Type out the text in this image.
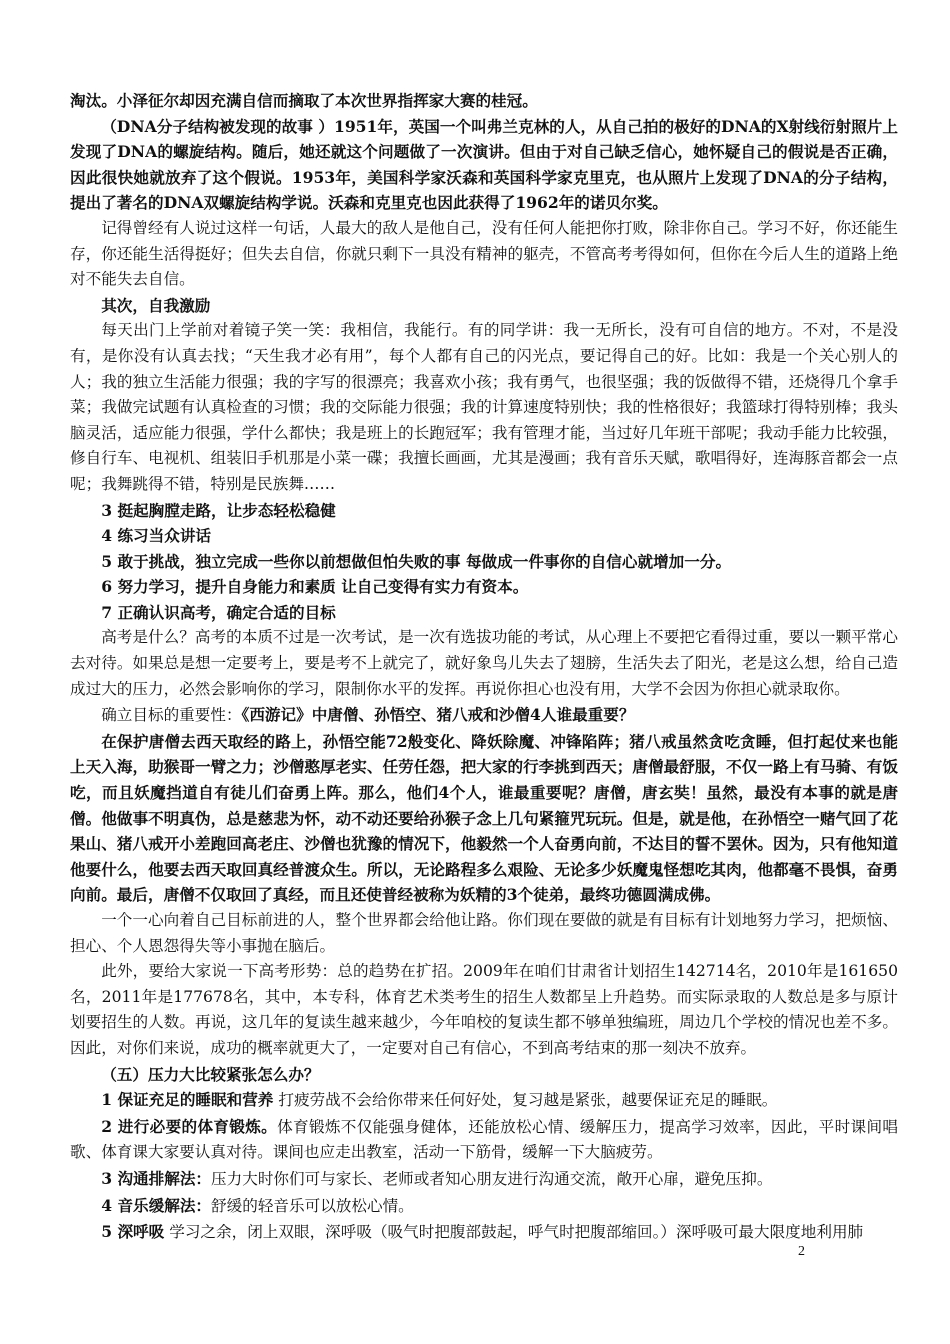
淘汰。小泽征尔却因充满自信而摘取了本次世界指挥家大赛的桂冠。

（DNA分子结构被发现的故事 ）1951年，英国一个叫弗兰克林的人，从自己拍的极好的DNA的X射线衍射照片上发现了DNA的螺旋结构。随后，她还就这个问题做了一次演讲。但由于对自己缺乏信心，她怀疑自己的假说是否正确，因此很快她就放弃了这个假说。1953年，美国科学家沃森和英国科学家克里克，也从照片上发现了DNA的分子结构，提出了著名的DNA双螺旋结构学说。沃森和克里克也因此获得了1962年的诺贝尔奖。

记得曾经有人说过这样一句话，人最大的敌人是他自己，没有任何人能把你打败，除非你自己。学习不好，你还能生存，你还能生活得挺好；但失去自信，你就只剩下一具没有精神的躯壳，不管高考考得如何，但你在今后人生的道路上绝对不能失去自信。

其次，自我激励

每天出门上学前对着镜子笑一笑：我相信，我能行。有的同学讲：我一无所长，没有可自信的地方。不对，不是没有，是你没有认真去找；“天生我才必有用”，每个人都有自己的闪光点，要记得自己的好。比如：我是一个关心别人的人；我的独立生活能力很强；我的字写的很漂亮；我喜欢小孩；我有勇气，也很坚强；我的饭做得不错，还烧得几个拿手菜；我做完试题有认真检查的习惯；我的交际能力很强；我的计算速度特别快；我的性格很好；我篮球打得特别棒；我头脑灵活，适应能力很强，学什么都快；我是班上的长跑冠军；我有管理才能，当过好几年班干部呢；我动手能力比较强，修自行车、电视机、组装旧手机那是小菜一碟；我擅长画画，尤其是漫画；我有音乐天赋，歌唱得好，连海豚音都会一点呢；我舞跳得不错，特别是民族舞……

3 挺起胸膛走路，让步态轻松稳健

4 练习当众讲话

5 敢于挑战，独立完成一些你以前想做但怕失败的事 每做成一件事你的自信心就增加一分。

6 努力学习，提升自身能力和素质 让自己变得有实力有资本。

7 正确认识高考，确定合适的目标

高考是什么？高考的本质不过是一次考试，是一次有选拔功能的考试，从心理上不要把它看得过重，要以一颗平常心去对待。如果总是想一定要考上，要是考不上就完了，就好象鸟儿失去了翅膀，生活失去了阳光，老是这么想，给自己造成过大的压力，必然会影响你的学习，限制你水平的发挥。再说你担心也没有用，大学不会因为你担心就录取你。

确立目标的重要性：《西游记》中唐僧、孙悟空、猪八戒和沙僧4人谁最重要？

在保护唐僧去西天取经的路上，孙悟空能72般变化、降妖除魔、冲锋陷阵；猪八戒虽然贪吃贪睡，但打起仗来也能上天入海，助猴哥一臂之力；沙僧憨厚老实、任劳任怨，把大家的行李挑到西天；唐僧最舒服，不仅一路上有马骑、有饭吃，而且妖魔挡道自有徒儿们奋勇上阵。那么，他们4个人，谁最重要呢？唐僧，唐玄奘！虽然，最没有本事的就是唐僧。他做事不明真伪，总是慈悲为怀，动不动还要给孙猴子念上几句紧箍咒玩玩。但是，就是他，在孙悟空一赌气回了花果山、猪八戒开小差跑回高老庄、沙僧也犹豫的情况下，他毅然一个人奋勇向前，不达目的誓不罢休。因为，只有他知道他要什么，他要去西天取回真经普渡众生。所以，无论路程多么艰险、无论多少妖魔鬼怪想吃其肉，他都毫不畏惧，奋勇向前。最后，唐僧不仅取回了真经，而且还使普经被称为妖精的3个徒弟，最终功德圆满成佛。

一个一心向着自己目标前进的人，整个世界都会给他让路。你们现在要做的就是有目标有计划地努力学习，把烦恼、担心、个人恩怨得失等小事抛在脑后。

此外，要给大家说一下高考形势：总的趋势在扩招。2009年在咱们甘肃省计划招生142714名，2010年是161650名，2011年是177678名，其中，本专科，体育艺术类考生的招生人数都呈上升趋势。而实际录取的人数总是多与原计划要招生的人数。再说，这几年的复读生越来越少，今年咱校的复读生都不够单独编班，周边几个学校的情况也差不多。因此，对你们来说，成功的概率就更大了，一定要对自己有信心，不到高考结束的那一刻决不放弃。

（五）压力大比较紧张怎么办？

1 保证充足的睡眠和营养 打疲劳战不会给你带来任何好处，复习越是紧张，越要保证充足的睡眠。

2 进行必要的体育锻炼。体育锻炼不仅能强身健体，还能放松心情、缓解压力，提高学习效率，因此，平时课间唱歌、体育课大家要认真对待。课间也应走出教室，活动一下筋骨，缓解一下大脑疲劳。

3 沟通排解法：压力大时你们可与家长、老师或者知心朋友进行沟通交流，敞开心扉，避免压抑。

4 音乐缓解法：舒缓的轻音乐可以放松心情。

5 深呼吸 学习之余，闭上双眼，深呼吸（吸气时把腹部鼓起，呼气时把腹部缩回。）深呼吸可最大限度地利用肺

2
